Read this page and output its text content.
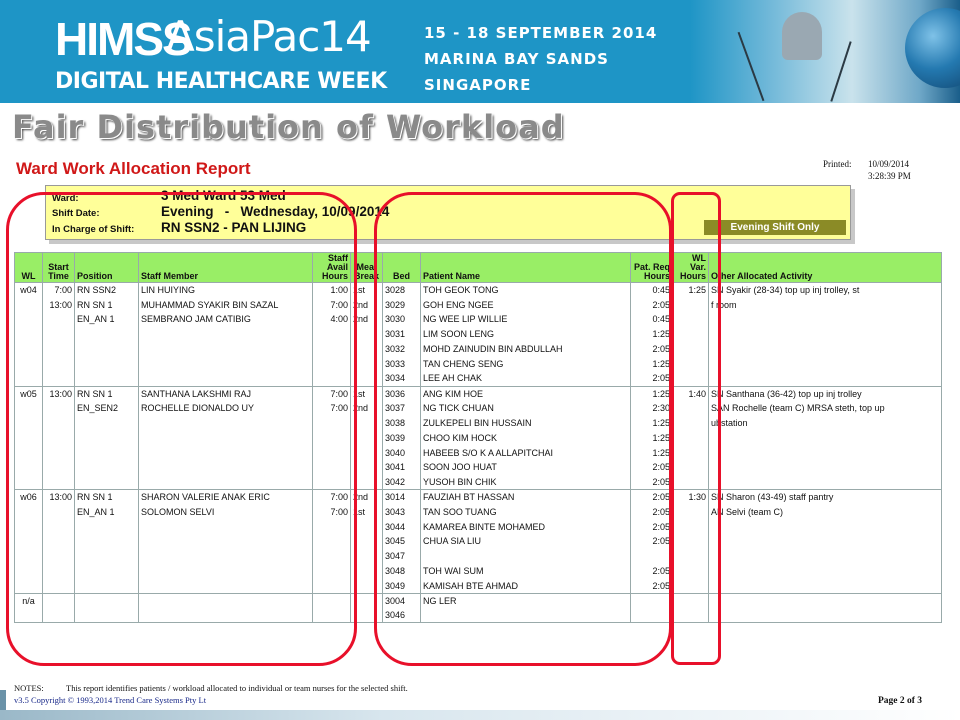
HIMSS
AsiaPac14
DIGITAL HEALTHCARE WEEK
15 - 18 SEPTEMBER 2014
MARINA BAY SANDS
SINGAPORE
Fair Distribution of Workload
Ward Work Allocation Report	Printed:	10/09/2014
3:28:39 PM
Ward:	3 Med Ward 53 Med
Shift Date:	Evening   -   Wednesday, 10/09/2014
In Charge of Shift: RN SSN2 - PAN LIJING	Evening Shift Only
WL	Start Time	Position	Staff Member	Staff Avail Hours	Meal Break	Bed	Patient Name	Pat. Req Hours	WL Var. Hours	Other Allocated Activity
w04	7:00	RN SSN2	LIN HUIYING	1:00	1st	3028	TOH GEOK TONG	0:45	1:25	SN Syakir (28-34) top up inj trolley, st
	13:00	RN SN 1	MUHAMMAD SYAKIR BIN SAZAL	7:00	2nd	3029	GOH ENG NGEE	2:05		f room
		EN_AN 1	SEMBRANO JAM CATIBIG	4:00	2nd	3030	NG WEE LIP WILLIE	0:45		
						3031	LIM SOON LENG	1:25		
						3032	MOHD ZAINUDIN BIN ABDULLAH	2:05		
						3033	TAN CHENG SENG	1:25		
						3034	LEE AH CHAK	2:05		
w05	13:00	RN SN 1	SANTHANA LAKSHMI RAJ	7:00	1st	3036	ANG KIM HOE	1:25	1:40	SN Santhana (36-42) top up inj trolley
		EN_SEN2	ROCHELLE DIONALDO UY	7:00	2nd	3037	NG TICK CHUAN	2:30		SAN Rochelle (team C) MRSA steth, top up
						3038	ZULKEPELI BIN HUSSAIN	1:25		ubstation
						3039	CHOO KIM HOCK	1:25		
						3040	HABEEB S/O K A ALLAPITCHAI	1:25		
						3041	SOON JOO HUAT	2:05		
						3042	YUSOH BIN CHIK	2:05		
w06	13:00	RN SN 1	SHARON VALERIE ANAK ERIC	7:00	2nd	3014	FAUZIAH BT HASSAN	2:05	1:30	SN Sharon (43-49) staff pantry
		EN_AN 1	SOLOMON SELVI	7:00	1st	3043	TAN SOO TUANG	2:05		AN Selvi (team C)
						3044	KAMAREA BINTE MOHAMED	2:05		
						3045	CHUA SIA LIU	2:05		
						3047				
						3048	TOH WAI SUM	2:05		
						3049	KAMISAH BTE AHMAD	2:05		
n/a						3004	NG LER			
						3046				
NOTES:	This report identifies patients / workload allocated to individual or team nurses for the selected shift.
v3.5 Copyright © 1993,2014 Trend Care Systems Pty Lt	Page 2 of 3
